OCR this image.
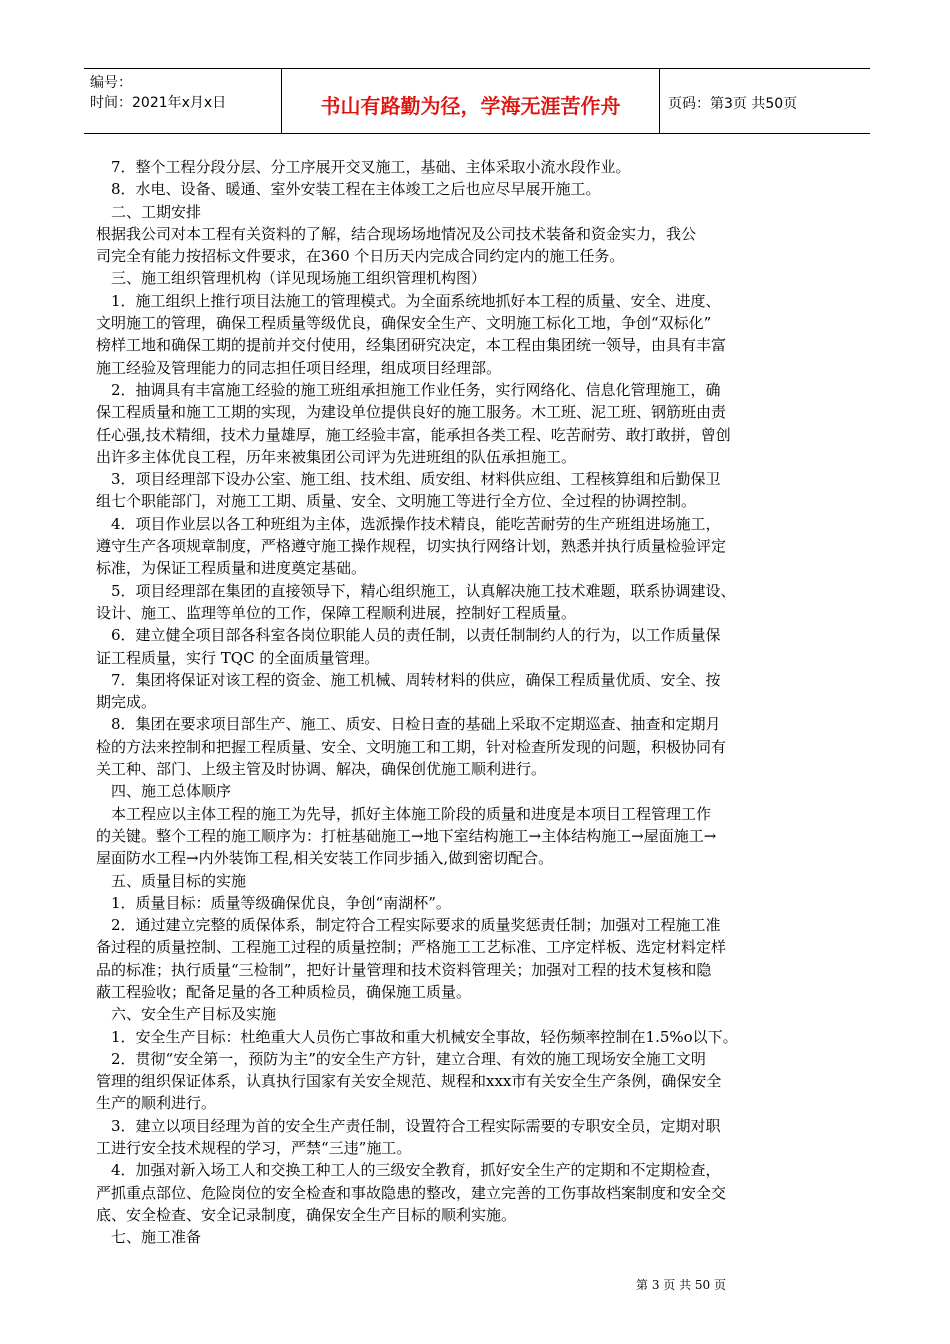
编号：
时间：2021年x月x日	书山有路勤为径，学海无涯苦作舟	页码：第3页 共50页

7．整个工程分段分层、分工序展开交叉施工，基础、主体采取小流水段作业。

8．水电、设备、暖通、室外安装工程在主体竣工之后也应尽早展开施工。

二、工期安排

根据我公司对本工程有关资料的了解，结合现场场地情况及公司技术装备和资金实力，我公

司完全有能力按招标文件要求，在360 个日历天内完成合同约定内的施工任务。

三、施工组织管理机构（详见现场施工组织管理机构图）

1．施工组织上推行项目法施工的管理模式。为全面系统地抓好本工程的质量、安全、进度、

文明施工的管理，确保工程质量等级优良，确保安全生产、文明施工标化工地，争创“双标化”

榜样工地和确保工期的提前并交付使用，经集团研究决定，本工程由集团统一领导，由具有丰富

施工经验及管理能力的同志担任项目经理，组成项目经理部。

2．抽调具有丰富施工经验的施工班组承担施工作业任务，实行网络化、信息化管理施工，确

保工程质量和施工工期的实现，为建设单位提供良好的施工服务。木工班、泥工班、钢筋班由责

任心强,技术精细，技术力量雄厚，施工经验丰富，能承担各类工程、吃苦耐劳、敢打敢拼，曾创

出许多主体优良工程，历年来被集团公司评为先进班组的队伍承担施工。

3．项目经理部下设办公室、施工组、技术组、质安组、材料供应组、工程核算组和后勤保卫

组七个职能部门，对施工工期、质量、安全、文明施工等进行全方位、全过程的协调控制。

4．项目作业层以各工种班组为主体，选派操作技术精良，能吃苦耐劳的生产班组进场施工，

遵守生产各项规章制度，严格遵守施工操作规程，切实执行网络计划，熟悉并执行质量检验评定

标准，为保证工程质量和进度奠定基础。

5．项目经理部在集团的直接领导下，精心组织施工，认真解决施工技术难题，联系协调建设、

设计、施工、监理等单位的工作，保障工程顺利进展，控制好工程质量。

6．建立健全项目部各科室各岗位职能人员的责任制，以责任制制约人的行为，以工作质量保

证工程质量，实行 TQC 的全面质量管理。

7．集团将保证对该工程的资金、施工机械、周转材料的供应，确保工程质量优质、安全、按

期完成。

8．集团在要求项目部生产、施工、质安、日检日查的基础上采取不定期巡查、抽查和定期月

检的方法来控制和把握工程质量、安全、文明施工和工期，针对检查所发现的问题，积极协同有

关工种、部门、上级主管及时协调、解决，确保创优施工顺利进行。

四、施工总体顺序

本工程应以主体工程的施工为先导，抓好主体施工阶段的质量和进度是本项目工程管理工作

的关键。整个工程的施工顺序为：打桩基础施工→地下室结构施工→主体结构施工→屋面施工→

屋面防水工程→内外装饰工程,相关安装工作同步插入,做到密切配合。

五、质量目标的实施

1．质量目标：质量等级确保优良，争创“南湖杯”。

2．通过建立完整的质保体系，制定符合工程实际要求的质量奖惩责任制；加强对工程施工准

备过程的质量控制、工程施工过程的质量控制；严格施工工艺标准、工序定样板、选定材料定样

品的标准；执行质量“三检制”，把好计量管理和技术资料管理关；加强对工程的技术复核和隐

蔽工程验收；配备足量的各工种质检员，确保施工质量。

六、安全生产目标及实施

1．安全生产目标：杜绝重大人员伤亡事故和重大机械安全事故，轻伤频率控制在1.5%o以下。

2．贯彻“安全第一，预防为主”的安全生产方针，建立合理、有效的施工现场安全施工文明

管理的组织保证体系，认真执行国家有关安全规范、规程和xxx市有关安全生产条例，确保安全

生产的顺利进行。

3．建立以项目经理为首的安全生产责任制，设置符合工程实际需要的专职安全员，定期对职

工进行安全技术规程的学习，严禁“三违”施工。

4．加强对新入场工人和交换工种工人的三级安全教育，抓好安全生产的定期和不定期检查，

严抓重点部位、危险岗位的安全检查和事故隐患的整改，建立完善的工伤事故档案制度和安全交

底、安全检查、安全记录制度，确保安全生产目标的顺利实施。

七、施工准备

第 3 页 共 50 页
